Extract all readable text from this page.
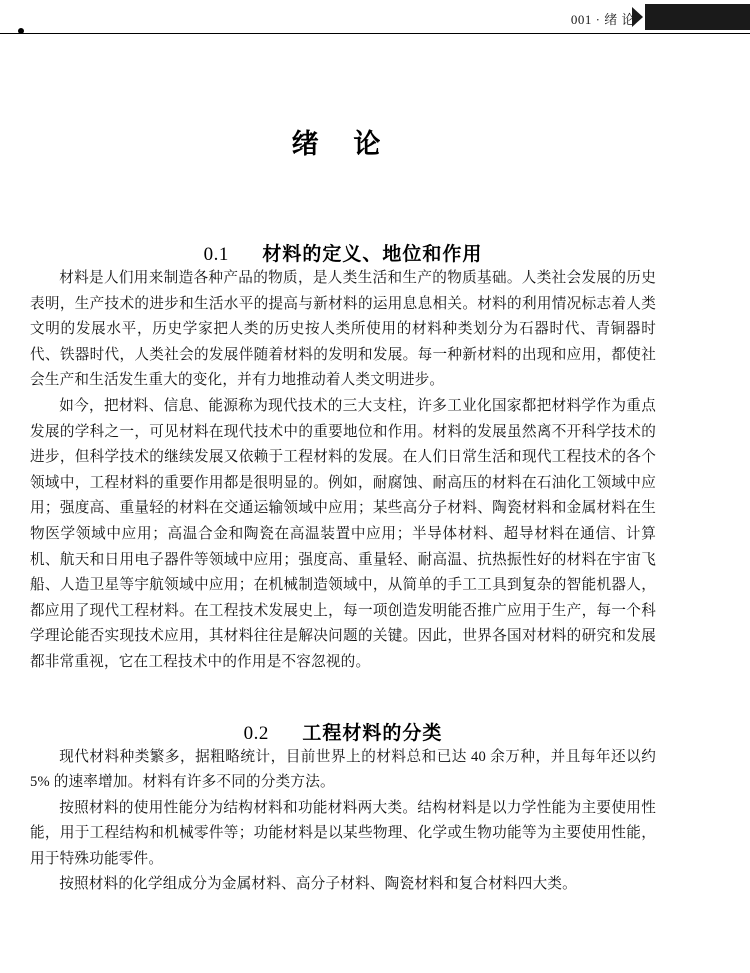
001 · 绪 论
绪 论
0.1 材料的定义、地位和作用

材料是人们用来制造各种产品的物质，是人类生活和生产的物质基础。人类社会发展的历史表明，生产技术的进步和生活水平的提高与新材料的运用息息相关。材料的利用情况标志着人类文明的发展水平，历史学家把人类的历史按人类所使用的材料种类划分为石器时代、青铜器时代、铁器时代，人类社会的发展伴随着材料的发明和发展。每一种新材料的出现和应用，都使社会生产和生活发生重大的变化，并有力地推动着人类文明进步。

如今，把材料、信息、能源称为现代技术的三大支柱，许多工业化国家都把材料学作为重点发展的学科之一，可见材料在现代技术中的重要地位和作用。材料的发展虽然离不开科学技术的进步，但科学技术的继续发展又依赖于工程材料的发展。在人们日常生活和现代工程技术的各个领域中，工程材料的重要作用都是很明显的。例如，耐腐蚀、耐高压的材料在石油化工领域中应用；强度高、重量轻的材料在交通运输领域中应用；某些高分子材料、陶瓷材料和金属材料在生物医学领域中应用；高温合金和陶瓷在高温装置中应用；半导体材料、超导材料在通信、计算机、航天和日用电子器件等领域中应用；强度高、重量轻、耐高温、抗热振性好的材料在宇宙飞船、人造卫星等宇航领域中应用；在机械制造领域中，从简单的手工工具到复杂的智能机器人，都应用了现代工程材料。在工程技术发展史上，每一项创造发明能否推广应用于生产，每一个科学理论能否实现技术应用，其材料往往是解决问题的关键。因此，世界各国对材料的研究和发展都非常重视，它在工程技术中的作用是不容忽视的。

0.2 工程材料的分类

现代材料种类繁多，据粗略统计，目前世界上的材料总和已达 40 余万种，并且每年还以约 5% 的速率增加。材料有许多不同的分类方法。

按照材料的使用性能分为结构材料和功能材料两大类。结构材料是以力学性能为主要使用性能，用于工程结构和机械零件等；功能材料是以某些物理、化学或生物功能等为主要使用性能，用于特殊功能零件。

按照材料的化学组成分为金属材料、高分子材料、陶瓷材料和复合材料四大类。
